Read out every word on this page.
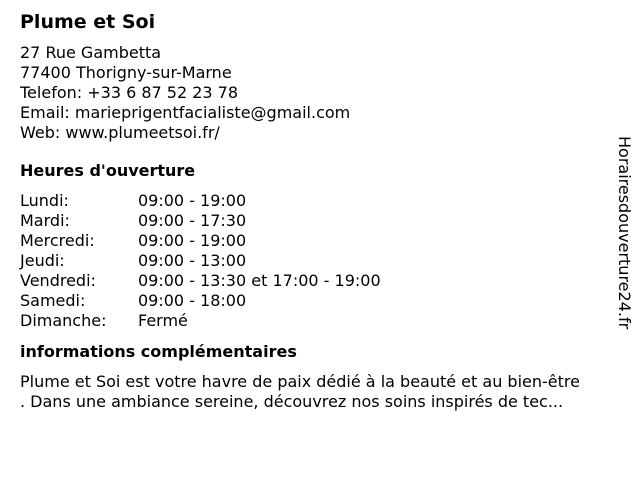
Plume et Soi
27 Rue Gambetta
77400 Thorigny-sur-Marne
Telefon: +33 6 87 52 23 78
Email: marieprigentfacialiste@gmail.com
Web: www.plumeetsoi.fr/
Heures d'ouverture
Lundi:	09:00 - 19:00
Mardi:	09:00 - 17:30
Mercredi:	09:00 - 19:00
Jeudi:	09:00 - 13:00
Vendredi:	09:00 - 13:30 et 17:00 - 19:00
Samedi:	09:00 - 18:00
Dimanche:	Fermé
informations complémentaires
Plume et Soi est votre havre de paix dédié à la beauté et au bien-être
. Dans une ambiance sereine, découvrez nos soins inspirés de tec...
Horairesdouverture24.fr
